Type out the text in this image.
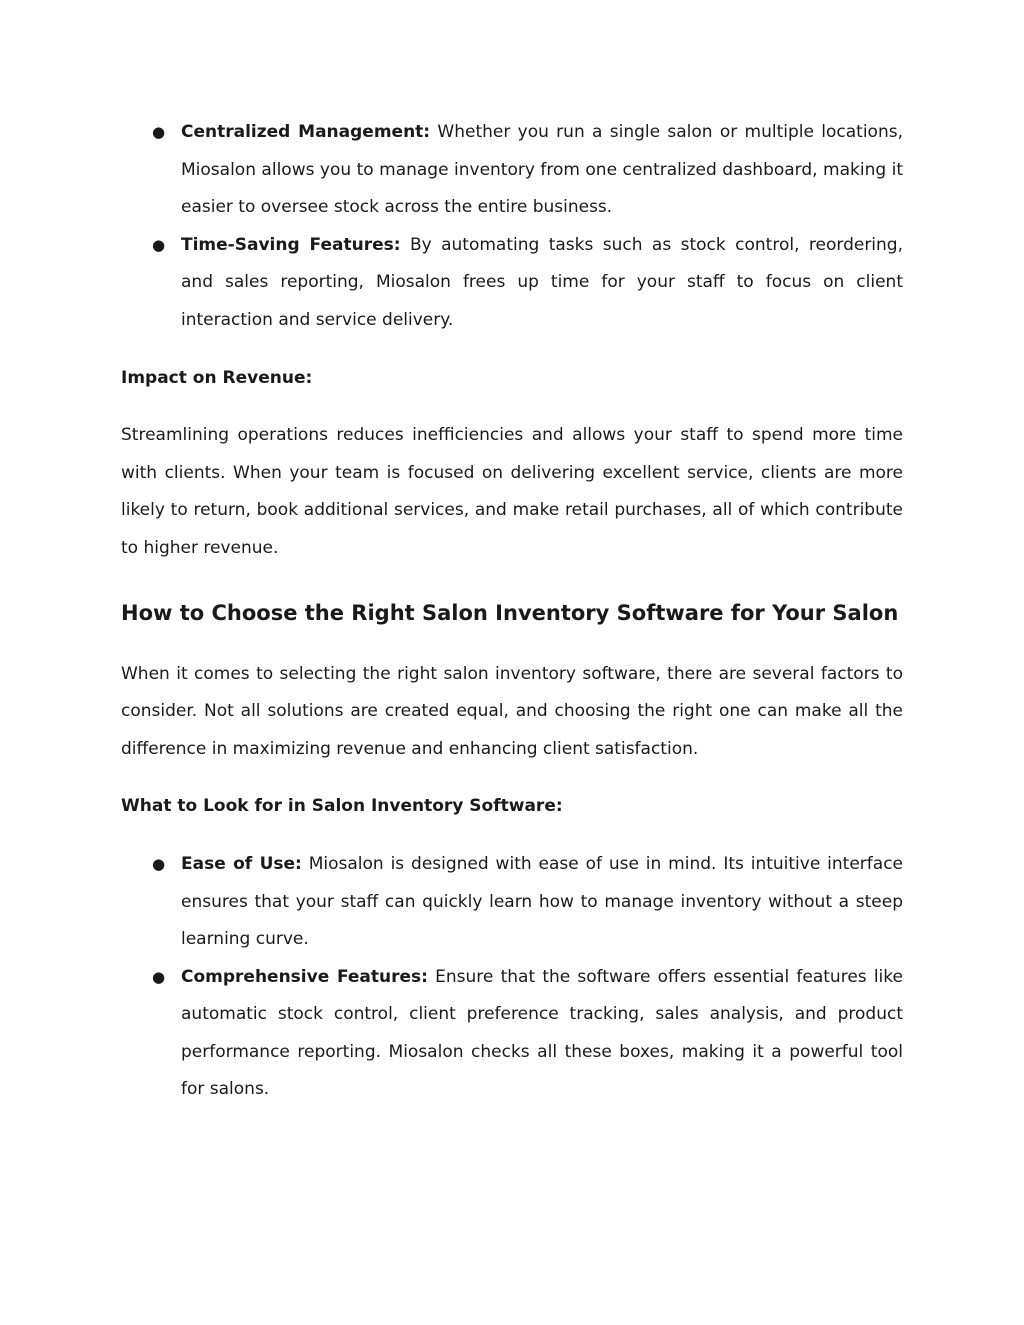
● Centralized Management: Whether you run a single salon or multiple locations, Miosalon allows you to manage inventory from one centralized dashboard, making it easier to oversee stock across the entire business.
● Time-Saving Features: By automating tasks such as stock control, reordering, and sales reporting, Miosalon frees up time for your staff to focus on client interaction and service delivery.

Impact on Revenue:

Streamlining operations reduces inefficiencies and allows your staff to spend more time with clients. When your team is focused on delivering excellent service, clients are more likely to return, book additional services, and make retail purchases, all of which contribute to higher revenue.

How to Choose the Right Salon Inventory Software for Your Salon

When it comes to selecting the right salon inventory software, there are several factors to consider. Not all solutions are created equal, and choosing the right one can make all the difference in maximizing revenue and enhancing client satisfaction.

What to Look for in Salon Inventory Software:

● Ease of Use: Miosalon is designed with ease of use in mind. Its intuitive interface ensures that your staff can quickly learn how to manage inventory without a steep learning curve.
● Comprehensive Features: Ensure that the software offers essential features like automatic stock control, client preference tracking, sales analysis, and product performance reporting. Miosalon checks all these boxes, making it a powerful tool for salons.
